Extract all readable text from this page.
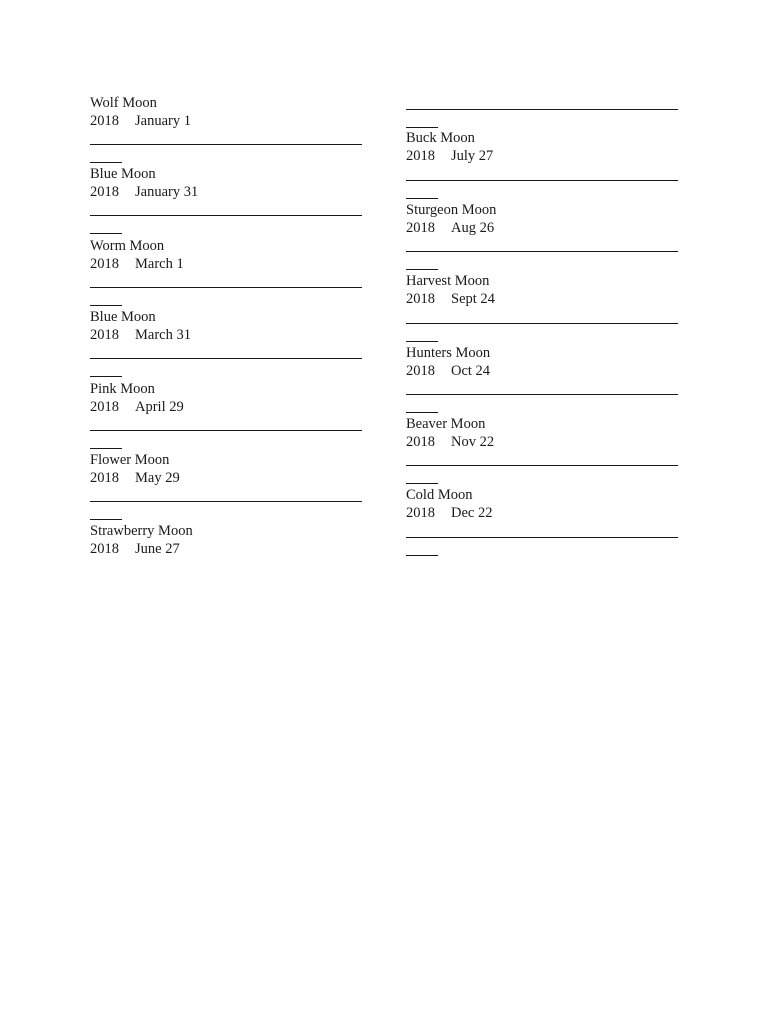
Wolf Moon
2018 January 1
Blue Moon
2018 January 31
Worm Moon
2018 March 1
Blue Moon
2018 March 31
Pink Moon
2018 April 29
Flower Moon
2018 May 29
Strawberry Moon
2018 June 27
Buck Moon
2018 July 27
Sturgeon Moon
2018 Aug 26
Harvest Moon
2018 Sept 24
Hunters Moon
2018 Oct 24
Beaver Moon
2018 Nov 22
Cold Moon
2018 Dec 22
